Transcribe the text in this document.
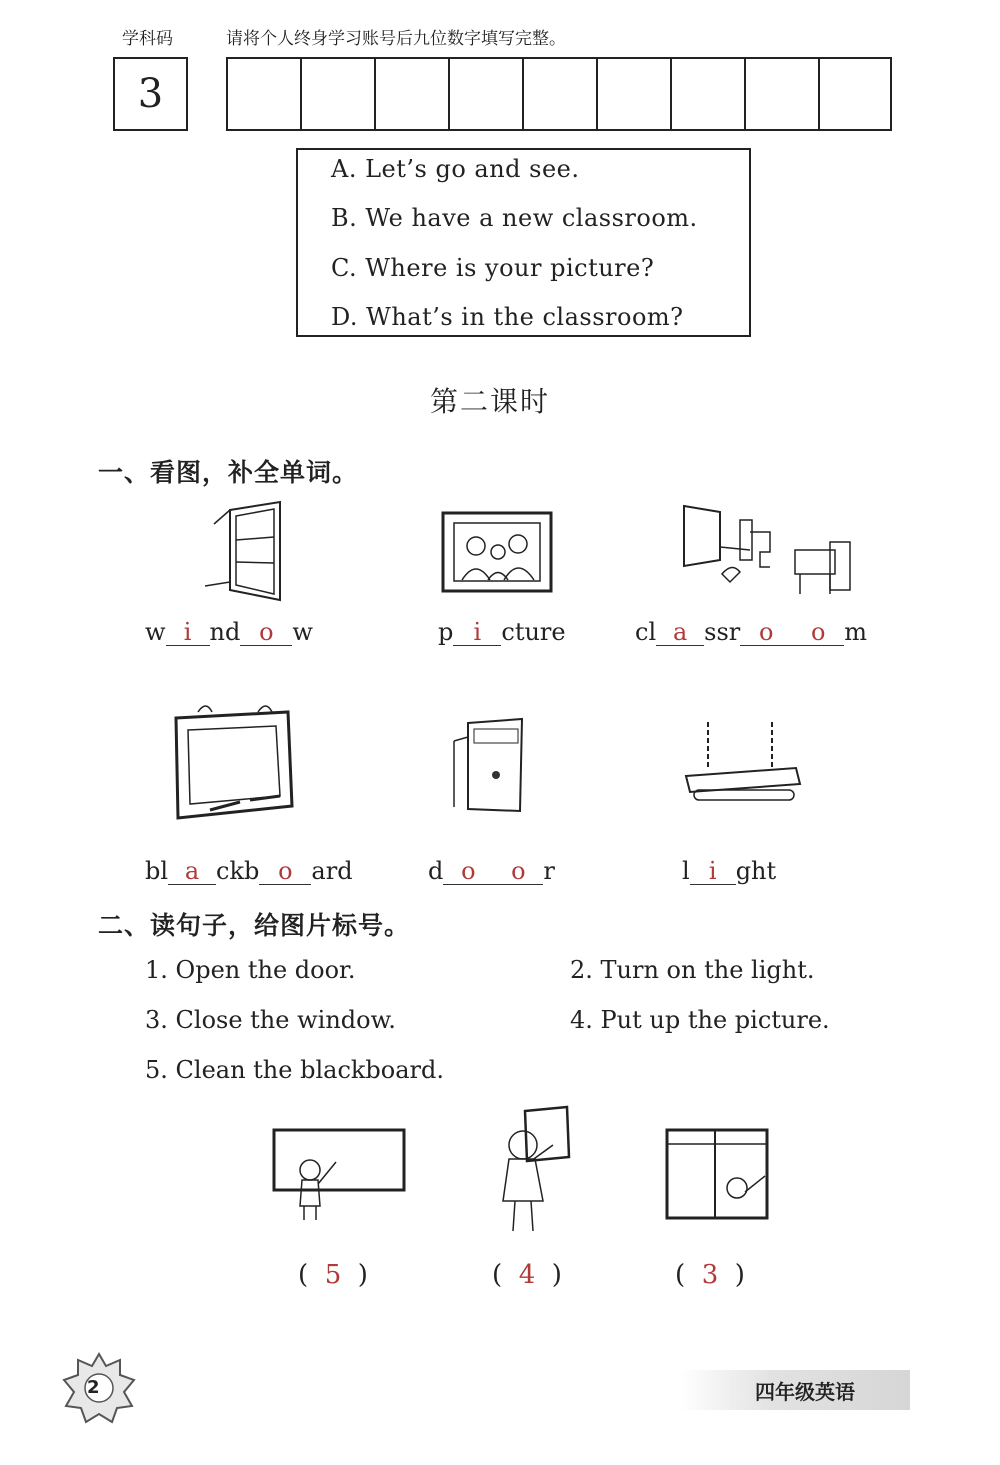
学科码	请将个人终身学习账号后九位数字填写完整。
3
A. Let’s go and see.
B. We have a new classroom.
C. Where is your picture?
D. What’s in the classroom?
第二课时
一、看图，补全单词。
w i nd o w	p i cture	cl a ssr o o m
bl a ckb o ard	d o o r	l i ght
二、读句子，给图片标号。
1. Open the door.	2. Turn on the light.
3. Close the window.	4. Put up the picture.
5. Clean the blackboard.
(  5  )	(  4  )	(  3  )
2	四年级英语
